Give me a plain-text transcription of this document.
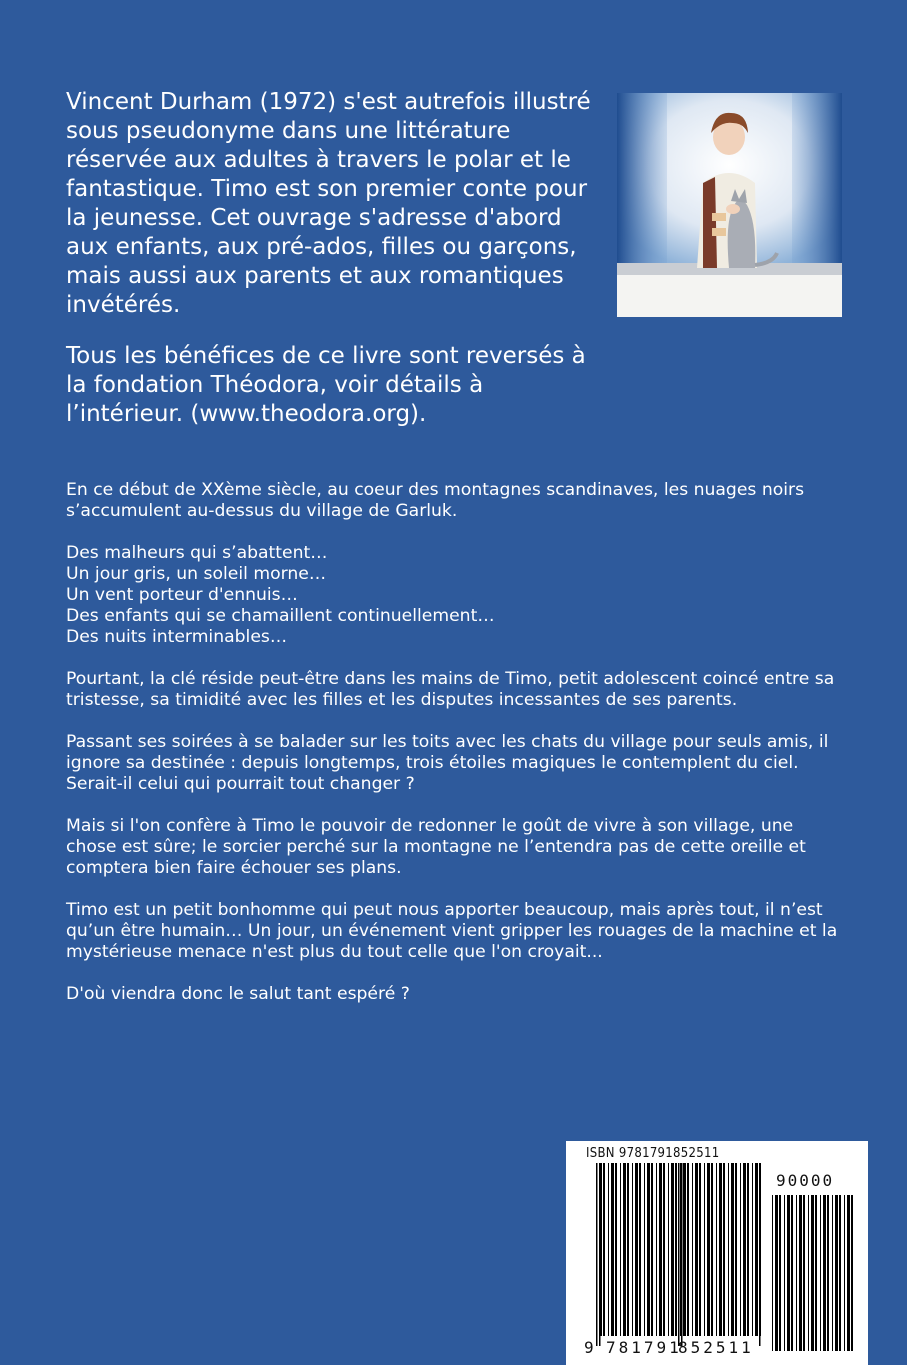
Vincent Durham (1972) s'est autrefois illustré sous pseudonyme dans une littérature réservée aux adultes à travers le polar et le fantastique. Timo est son premier conte pour la jeunesse. Cet ouvrage s'adresse d'abord aux enfants, aux pré-ados, filles ou garçons, mais aussi aux parents et aux romantiques invétérés.

Tous les bénéfices de ce livre sont reversés à la fondation Théodora, voir détails à l’intérieur. (www.theodora.org).

En ce début de XXème siècle, au coeur des montagnes scandinaves, les nuages noirs s’accumulent au-dessus du village de Garluk.

Des malheurs qui s’abattent…
Un jour gris, un soleil morne…
Un vent porteur d'ennuis…
Des enfants qui se chamaillent continuellement…
Des nuits interminables…

Pourtant, la clé réside peut-être dans les mains de Timo, petit adolescent coincé entre sa tristesse, sa timidité avec les filles et les disputes incessantes de ses parents.

Passant ses soirées à se balader sur les toits avec les chats du village pour seuls amis, il ignore sa destinée : depuis longtemps, trois étoiles magiques le contemplent du ciel. Serait-il celui qui pourrait tout changer ?

Mais si l'on confère à Timo le pouvoir de redonner le goût de vivre à son village, une chose est sûre; le sorcier perché sur la montagne ne l’entendra pas de cette oreille et comptera bien faire échouer ses plans.

Timo est un petit bonhomme qui peut nous apporter beaucoup, mais après tout, il n’est qu’un être humain… Un jour, un événement vient gripper les rouages de la machine et la mystérieuse menace n'est plus du tout celle que l'on croyait...

D'où viendra donc le salut tant espéré ?

ISBN 9781791852511
90000
9 781791
852511
